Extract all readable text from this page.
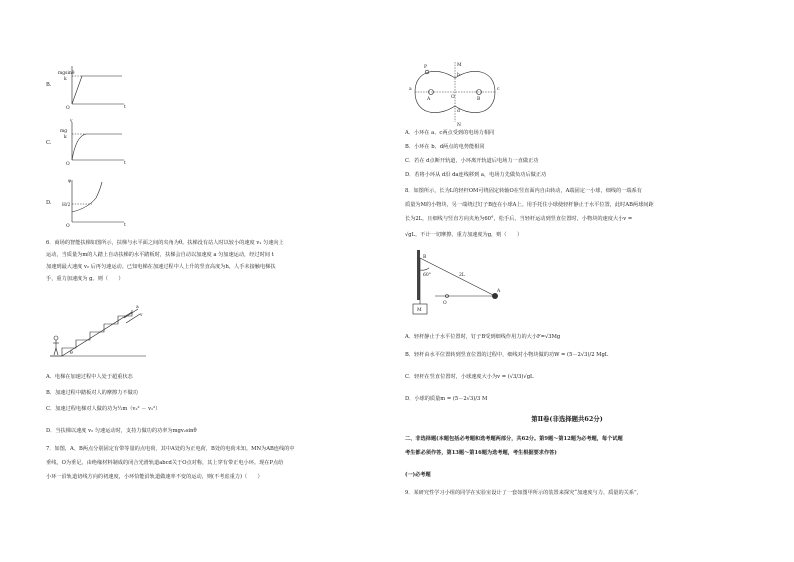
B.
mgsinθ
k
O	t
C.
v
mg
k
O	t
D.
φ
H/2
O	t
6．商场的智能扶梯如图所示，扶梯与水平面之间的夹角为θ。扶梯没有站人时以较小的速度 v₁ 匀速向上
运动，当质量为m的人踏上自动扶梯的水平踏板时，扶梯会自动以加速度 a 匀加速运动，经过时间 t
加速到最大速度 v₂ 后再匀速运动。已知电梯在加速过程中人上升的竖直高度为h，人手未接触电梯扶
手，重力加速度为 g。则（　　）
a
v
θ
A．电梯在加速过程中人处于超重状态
B．加速过程中踏板对人的摩擦力不做功
C．加速过程电梯对人做的功为½m（v₂² － v₁²）
D．当扶梯以速度 v₂ 匀速运动时，支持力做功的功率为mgv₂sinθ
7．如图，A、B两点分别固定有带等量的点电荷，其中A处的为正电荷，B处的电荷未知。MN为AB连线的中
垂线，O为垂足。由绝缘材料制成的闭合光滑轨道abcd关于O点对称，其上穿有带正电小环。现在P点给
小环一沿轨道切线方向的初速度，小环恰能沿轨道做速率不变的运动，则(不考虑重力)（　　）
P	M
N
a
b
c
d
A	B
O
A．小环在 a、c两点受到的电场力相同
B．小环在 b、d两点的电势能相同
C．若在 d点断开轨道，小环离开轨道后电场力一直做正功
D．若将小环从 d沿 da连线移到 a，电场力先做负功后做正功
8．如图所示，长为L的轻杆OM可绕固定转轴O在竖直面内自由转动，A端固定一小球，细线的一端系有
质量为M的小物块，另一端绕过钉子B连在小球A上。用手托住小球使轻杆静止于水平位置，此时AB两球间距
长为2L，且细线与竖直方向夹角为60°，松手后，当轻杆运动到竖直位置时，小物块的速度大小v =
√gL，不计一切摩擦，重力加速度为g，则（　　）
B
60°	2L
A
O
M
A．轻杆静止于水平位置时，钉子B受到细线作用力的大小F=√3Mg
B．轻杆由水平位置转到竖直位置的过程中，细线对小物块做的功W = (5－2√3)/2 MgL
C．轻杆在竖直位置时，小球速度大小为v = (√3/3)√gL
D．小球的质量m = (5－2√3)/3 M
第Ⅱ卷(非选择题共62分)
二、非选择题(本题包括必考题和选考题两部分，共62分。第9题～第12题为必考题，每个试题
考生都必须作答，第13题～第16题为选考题，考生根据要求作答)
(一)必考题
9．某研究性学习小组的同学在实验室设计了一套如图甲所示的装置来探究“加速度与力、质量的关系”，
